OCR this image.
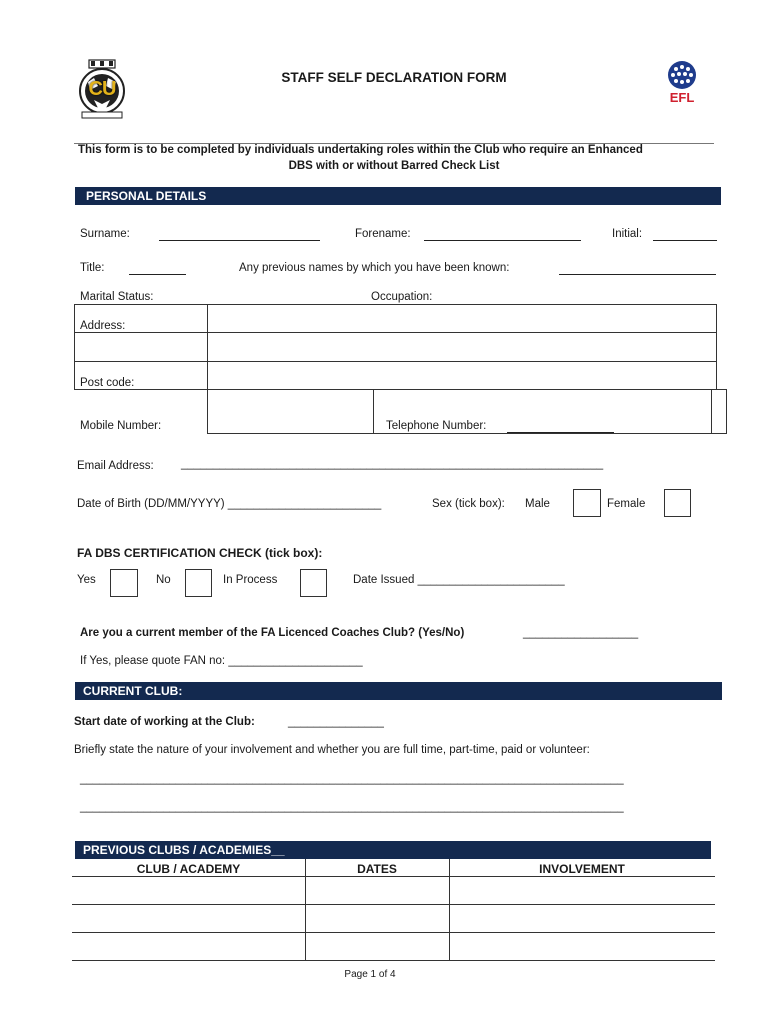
CU	EFL
STAFF SELF DECLARATION FORM
This form is to be completed by individuals undertaking roles within the Club who require an Enhanced
DBS with or without Barred Check List
PERSONAL DETAILS
Surname:	Forename:	Initial:
Title:	Any previous names by which you have been known:
Marital Status:	Occupation:
Address:
Post code:
Mobile Number:	Telephone Number:
Email Address: __________________________________________________________________
Date of Birth (DD/MM/YYYY) ________________________	Sex (tick box): Male	Female
FA DBS CERTIFICATION CHECK (tick box):
Yes	No	In Process	Date Issued _______________________
Are you a current member of the FA Licenced Coaches Club? (Yes/No)	__________________
If Yes, please quote FAN no: _____________________
CURRENT CLUB:
Start date of working at the Club:	_______________
Briefly state the nature of your involvement and whether you are full time, part-time, paid or volunteer:
_____________________________________________________________________________________
_____________________________________________________________________________________
PREVIOUS CLUBS / ACADEMIES__
CLUB / ACADEMY	DATES	INVOLVEMENT
Page 1 of 4
